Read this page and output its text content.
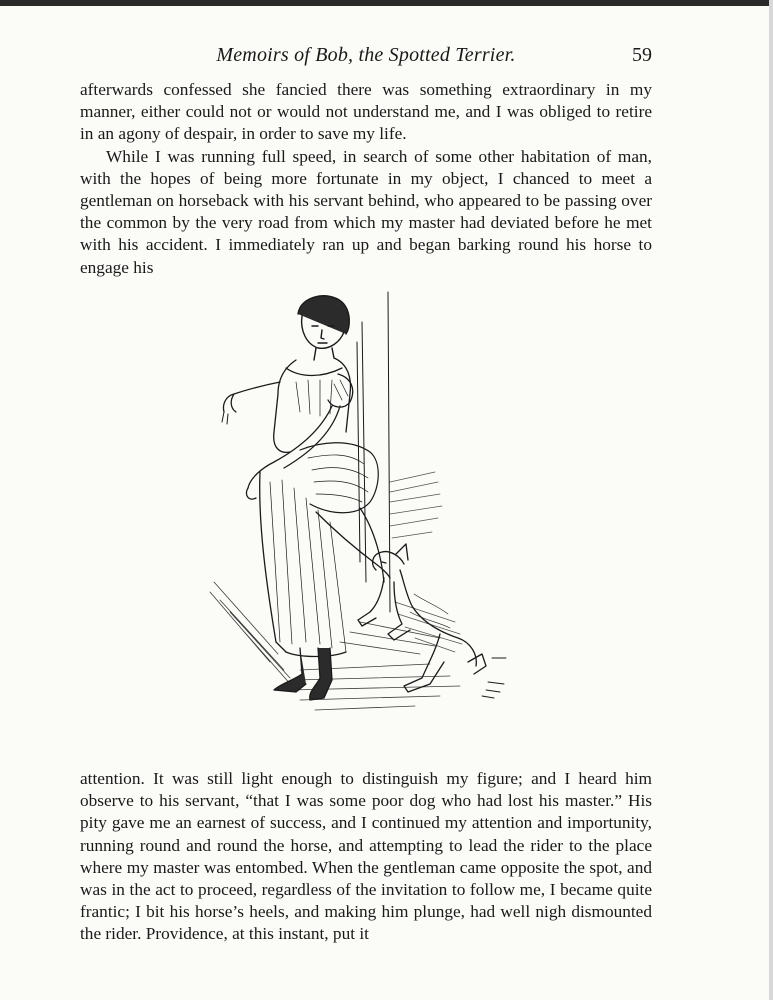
Memoirs of Bob, the Spotted Terrier.	59

afterwards confessed she fancied there was something extraordinary in my manner, either could not or would not understand me, and I was obliged to retire in an agony of despair, in order to save my life.

While I was running full speed, in search of some other habitation of man, with the hopes of being more fortunate in my object, I chanced to meet a gentleman on horseback with his servant behind, who appeared to be passing over the common by the very road from which my master had deviated before he met with his accident. I immediately ran up and began barking round his horse to engage his

attention. It was still light enough to distinguish my figure; and I heard him observe to his servant, “that I was some poor dog who had lost his master.” His pity gave me an earnest of success, and I continued my attention and importunity, running round and round the horse, and attempting to lead the rider to the place where my master was entombed. When the gentleman came opposite the spot, and was in the act to proceed, regardless of the invitation to follow me, I became quite frantic; I bit his horse’s heels, and making him plunge, had well nigh dismounted the rider. Providence, at this instant, put it
